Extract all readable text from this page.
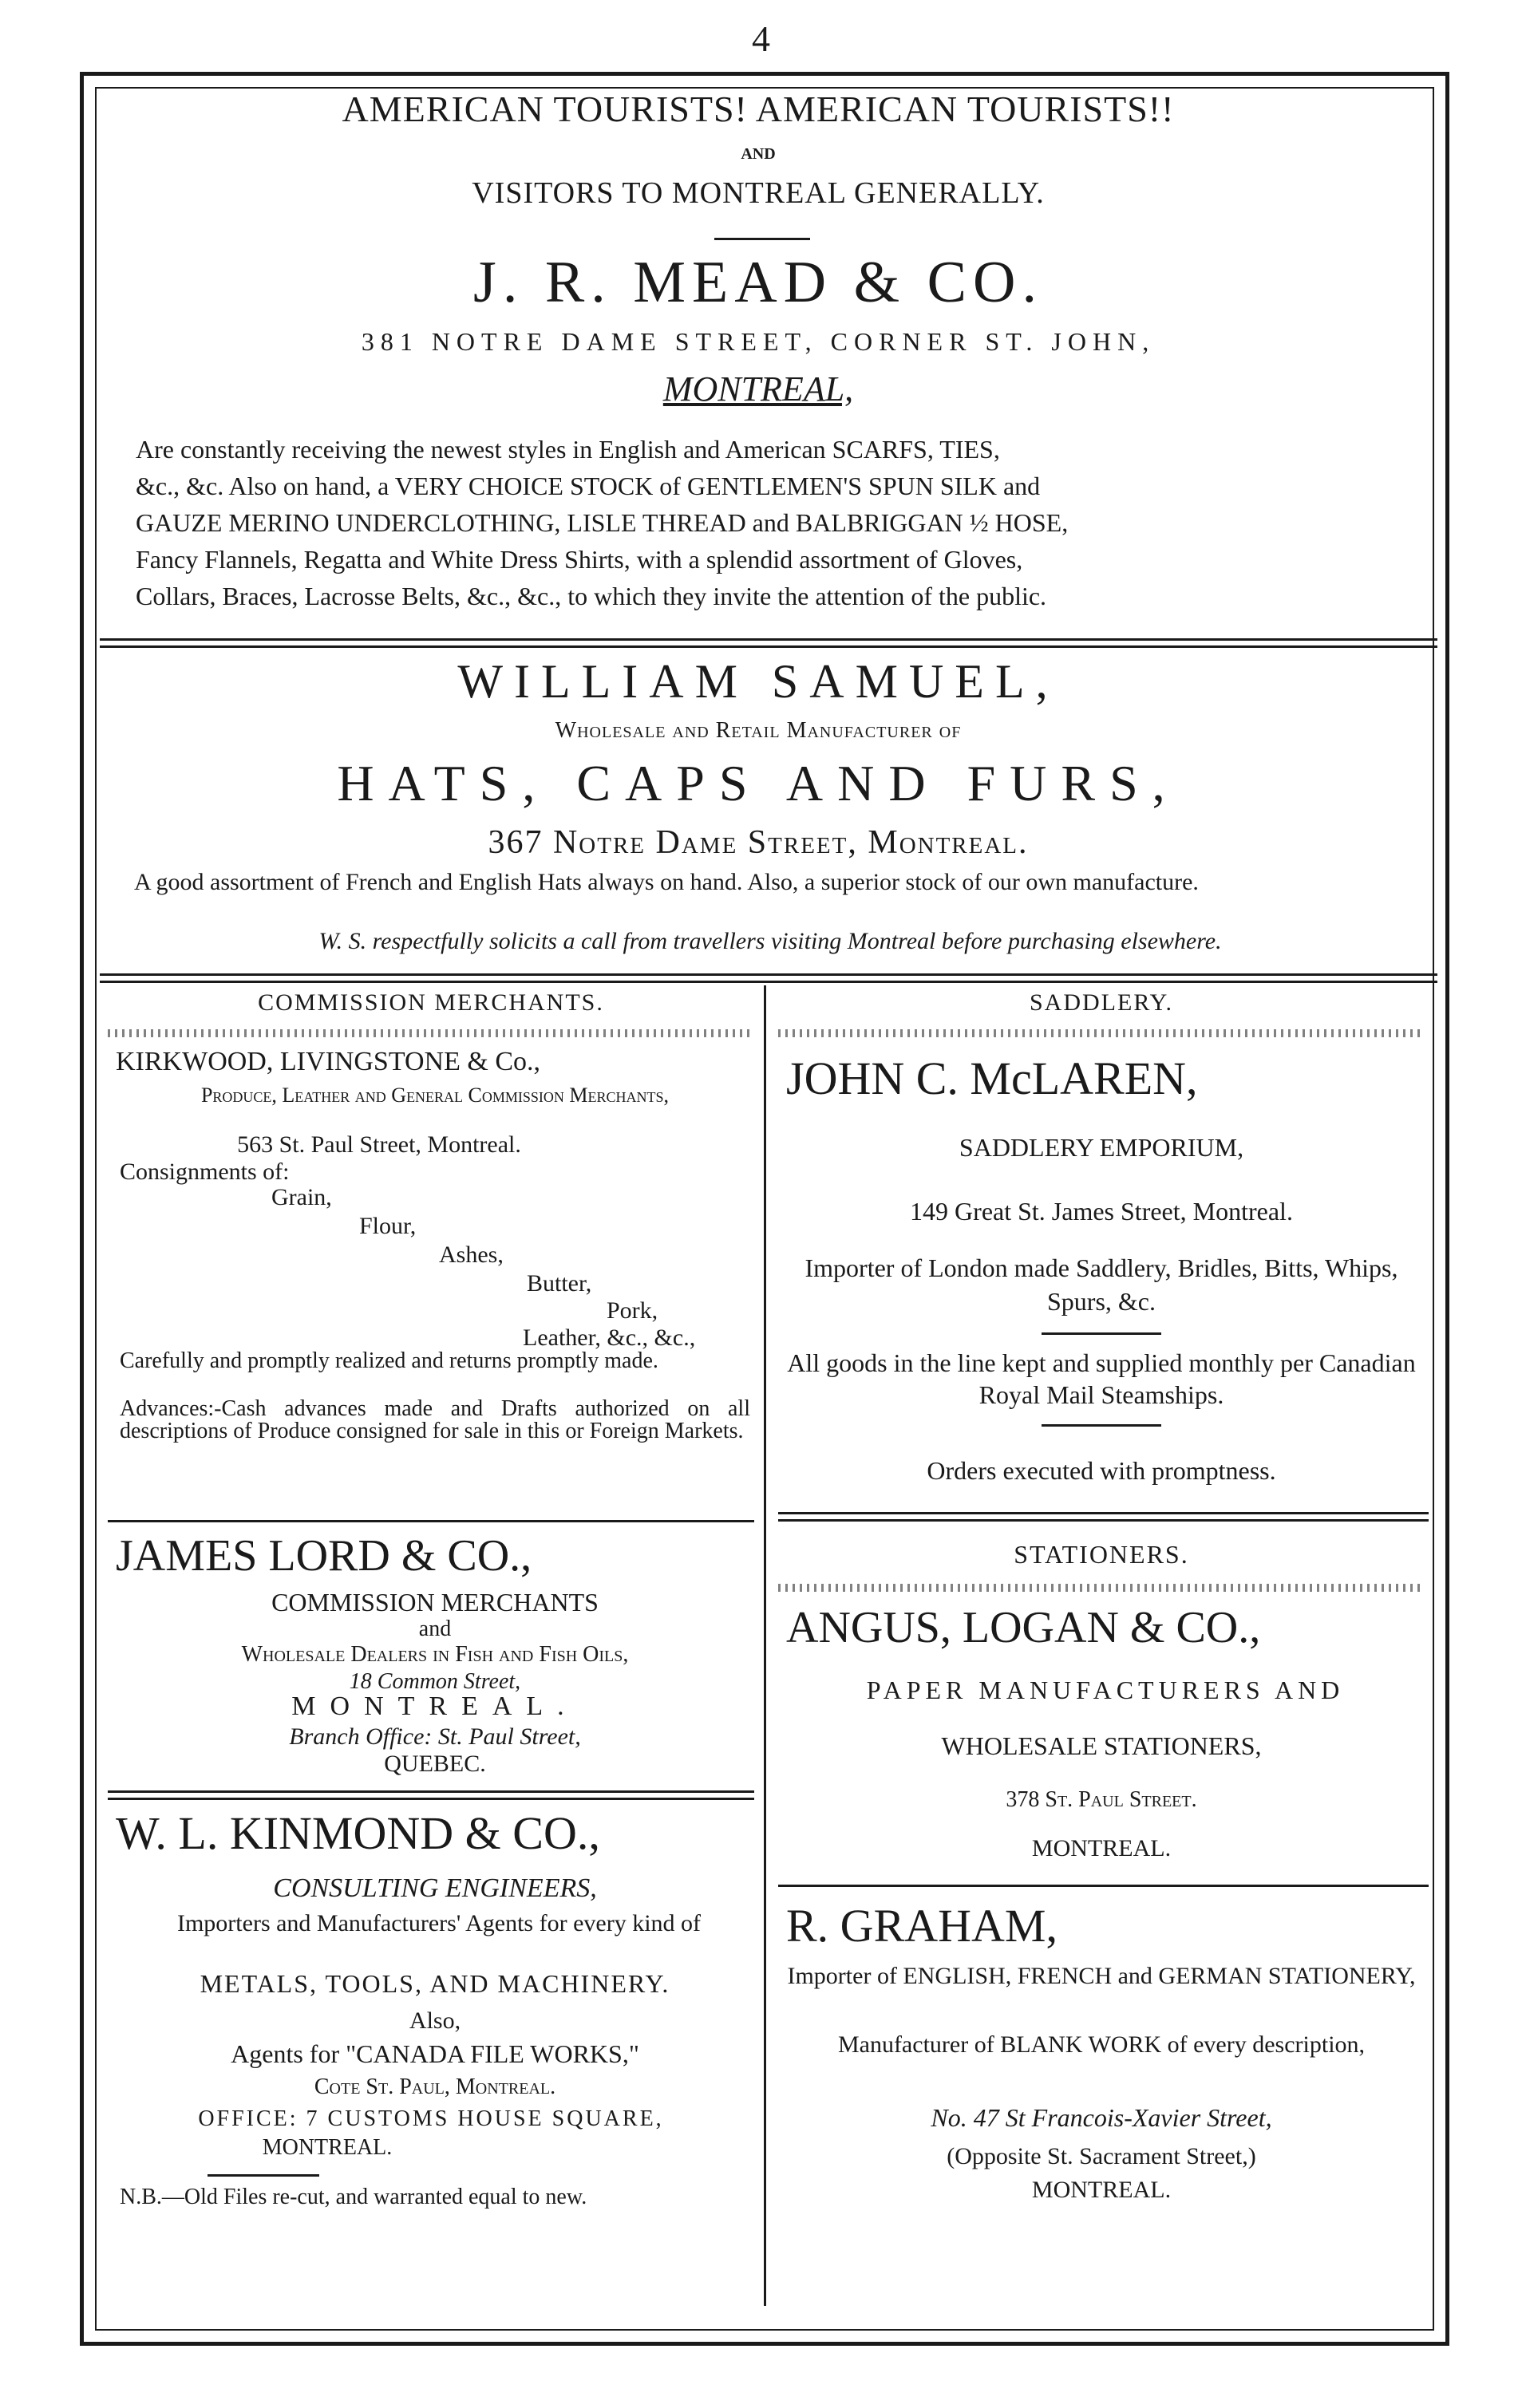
4
AMERICAN TOURISTS! AMERICAN TOURISTS!!
AND
VISITORS TO MONTREAL GENERALLY.
J. R. MEAD & CO.
381 NOTRE DAME STREET, CORNER ST. JOHN,
MONTREAL,

Are constantly receiving the newest styles in English and American SCARFS, TIES,

&c., &c. Also on hand, a VERY CHOICE STOCK of GENTLEMEN'S SPUN SILK and

GAUZE MERINO UNDERCLOTHING, LISLE THREAD and BALBRIGGAN ½ HOSE,

Fancy Flannels, Regatta and White Dress Shirts, with a splendid assortment of Gloves,

Collars, Braces, Lacrosse Belts, &c., &c., to which they invite the attention of the public.

WILLIAM SAMUEL,
Wholesale and Retail Manufacturer of
HATS, CAPS AND FURS,
367 Notre Dame Street, Montreal.
A good assortment of French and English Hats always on hand. Also, a superior stock of our own manufacture.
W. S. respectfully solicits a call from travellers visiting Montreal before purchasing elsewhere.
COMMISSION MERCHANTS.
KIRKWOOD, LIVINGSTONE & Co.,
Produce, Leather and General Commission Merchants,
563 St. Paul Street, Montreal.
Consignments of:
Grain,
Flour,
Ashes,
Butter,
Pork,
Leather, &c., &c.,
Carefully and promptly realized and returns promptly made.
Advances:-Cash advances made and Drafts authorized on all descriptions of Produce consigned for sale in this or Foreign Markets.
JAMES LORD & CO.,
COMMISSION MERCHANTS
and
Wholesale Dealers in Fish and Fish Oils,
18 Common Street,
MONTREAL.
Branch Office: St. Paul Street,
QUEBEC.
W. L. KINMOND & CO.,
CONSULTING ENGINEERS,
Importers and Manufacturers' Agents for every kind of
METALS, TOOLS, AND MACHINERY.
Also,
Agents for "CANADA FILE WORKS,"
Cote St. Paul, Montreal.
OFFICE: 7 CUSTOMS HOUSE SQUARE,
MONTREAL.
N.B.—Old Files re-cut, and warranted equal to new.
SADDLERY.
JOHN C. McLAREN,
SADDLERY EMPORIUM,
149 Great St. James Street, Montreal.
Importer of London made Saddlery, Bridles, Bitts, Whips, Spurs, &c.
All goods in the line kept and supplied monthly per Canadian Royal Mail Steamships.
Orders executed with promptness.
STATIONERS.
ANGUS, LOGAN & CO.,
PAPER MANUFACTURERS AND
WHOLESALE STATIONERS,
378 St. Paul Street.
MONTREAL.
R. GRAHAM,
Importer of ENGLISH, FRENCH and GERMAN STATIONERY,
Manufacturer of BLANK WORK of every description,
No. 47 St Francois-Xavier Street,
(Opposite St. Sacrament Street,)
MONTREAL.
